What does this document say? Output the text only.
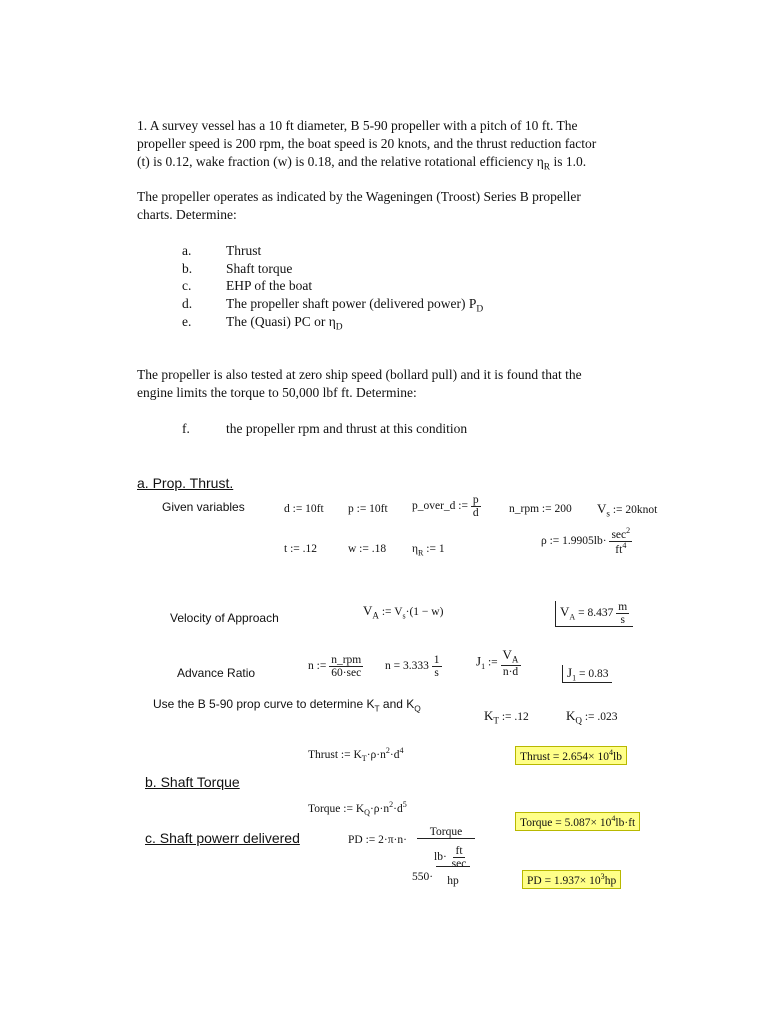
1. A survey vessel has a 10 ft diameter, B 5-90 propeller with a pitch of 10 ft. The
propeller speed is 200 rpm, the boat speed is 20 knots, and the thrust reduction factor
(t) is 0.12, wake fraction (w) is 0.18, and the relative rotational efficiency $\eta_R$ is 1.0.
The propeller operates as indicated by the Wageningen (Troost) Series B propeller
charts. Determine:
a.	Thrust
b.	Shaft torque
c.	EHP of the boat
d.	The propeller shaft power (delivered power) $P_D$
e.	The (Quasi) PC or $\eta_D$
The propeller is also tested at zero ship speed (bollard pull) and it is found that the
engine limits the torque to 50,000 lbf ft. Determine:
f.	the propeller rpm and thrust at this condition
a. Prop. Thrust.
Given variables	d := 10ft p := 10ft p_over_d := $\frac{p}{d}$ n_rpm := 200 $V_s$ := 20knot
t := .12	w := .18 $\eta_R$ := 1
ρ := $1.9905lb\cdot \frac{\sec^2}{ft^4}$
Velocity of Approach	$V_A$ := $V_s\cdot(1 - w)$	$V_A = 8.437 \frac{m}{s}$
Advance Ratio	n := $\frac{\text{n\_rpm}}{60\cdot\sec}$ $n = 3.333 \frac{1}{s}$	$J_1$ := $\frac{V_A}{n\cdot d}$	$J_1 = 0.83$
Use the B 5-90 prop curve to determine $K_T$ and $K_Q$	$K_T$ := .12	$K_Q$ := .023
Thrust := $K_T\cdot\rho\cdot n^2\cdot d^4$
Thrust = $2.654\times 10^4lb$
b. Shaft Torque
Torque := $K_Q\cdot\rho\cdot n^2\cdot d^5$
Torque = $5.087\times 10^4lb\cdot ft$
c. Shaft powerr delivered	PD := 2·π·n·
Torque
$lb\cdot \frac{ft}{\sec}$
550· hp	PD = $1.937\times 10^3hp$
